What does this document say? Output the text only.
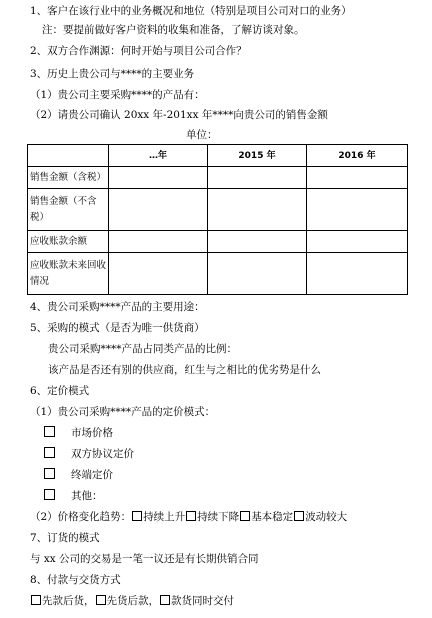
1、客户在该行业中的业务概况和地位（特别是项目公司对口的业务）
注：要提前做好客户资料的收集和准备，了解访谈对象。
2、双方合作渊源：何时开始与项目公司合作？
3、历史上贵公司与****的主要业务
（1）贵公司主要采购****的产品有：
（2）请贵公司确认 20xx 年-201xx 年****向贵公司的销售金额
单位：
	…年	2015 年	2016 年
销售金额（含税）			
销售金额（不含税）			
应收账款余额			
应收账款未来回收情况			
4、贵公司采购****产品的主要用途：
5、采购的模式（是否为唯一供货商）
贵公司采购****产品占同类产品的比例：
该产品是否还有别的供应商，红生与之相比的优劣势是什么
6、定价模式
（1）贵公司采购****产品的定价模式：
市场价格
双方协议定价
终端定价
其他：
（2）价格变化趋势： 持续上升 持续下降 基本稳定 波动较大
7、订货的模式
与 xx 公司的交易是一笔一议还是有长期供销合同
8、付款与交货方式
先款后货， 先货后款， 款货同时交付
